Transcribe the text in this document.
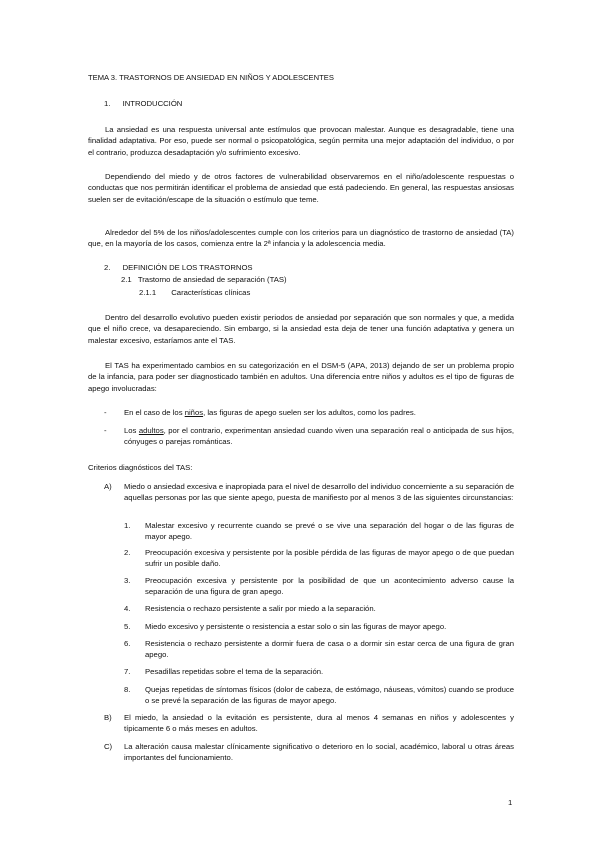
TEMA 3. TRASTORNOS DE ANSIEDAD EN NIÑOS Y ADOLESCENTES

1. INTRODUCCIÓN

La ansiedad es una respuesta universal ante estímulos que provocan malestar. Aunque es desagradable, tiene una finalidad adaptativa. Por eso, puede ser normal o psicopatológica, según permita una mejor adaptación del individuo, o por el contrario, produzca desadaptación y/o sufrimiento excesivo.

Dependiendo del miedo y de otros factores de vulnerabilidad observaremos en el niño/adolescente respuestas o conductas que nos permitirán identificar el problema de ansiedad que está padeciendo. En general, las respuestas ansiosas suelen ser de evitación/escape de la situación o estímulo que teme.

Alrededor del 5% de los niños/adolescentes cumple con los criterios para un diagnóstico de trastorno de ansiedad (TA) que, en la mayoría de los casos, comienza entre la 2ª infancia y la adolescencia media.

2. DEFINICIÓN DE LOS TRASTORNOS

2.1 Trastorno de ansiedad de separación (TAS)

2.1.1 Características clínicas

Dentro del desarrollo evolutivo pueden existir periodos de ansiedad por separación que son normales y que, a medida que el niño crece, va desapareciendo. Sin embargo, si la ansiedad esta deja de tener una función adaptativa y genera un malestar excesivo, estaríamos ante el TAS.

El TAS ha experimentado cambios en su categorización en el DSM-5 (APA, 2013) dejando de ser un problema propio de la infancia, para poder ser diagnosticado también en adultos. Una diferencia entre niños y adultos es el tipo de figuras de apego involucradas:

- En el caso de los niños, las figuras de apego suelen ser los adultos, como los padres.

- Los adultos, por el contrario, experimentan ansiedad cuando viven una separación real o anticipada de sus hijos, cónyuges o parejas románticas.

Criterios diagnósticos del TAS:

A) Miedo o ansiedad excesiva e inapropiada para el nivel de desarrollo del individuo concerniente a su separación de aquellas personas por las que siente apego, puesta de manifiesto por al menos 3 de las siguientes circunstancias:

1. Malestar excesivo y recurrente cuando se prevé o se vive una separación del hogar o de las figuras de mayor apego.

2. Preocupación excesiva y persistente por la posible pérdida de las figuras de mayor apego o de que puedan sufrir un posible daño.

3. Preocupación excesiva y persistente por la posibilidad de que un acontecimiento adverso cause la separación de una figura de gran apego.

4. Resistencia o rechazo persistente a salir por miedo a la separación.

5. Miedo excesivo y persistente o resistencia a estar solo o sin las figuras de mayor apego.

6. Resistencia o rechazo persistente a dormir fuera de casa o a dormir sin estar cerca de una figura de gran apego.

7. Pesadillas repetidas sobre el tema de la separación.

8. Quejas repetidas de síntomas físicos (dolor de cabeza, de estómago, náuseas, vómitos) cuando se produce o se prevé la separación de las figuras de mayor apego.

B) El miedo, la ansiedad o la evitación es persistente, dura al menos 4 semanas en niños y adolescentes y típicamente 6 o más meses en adultos.

C) La alteración causa malestar clínicamente significativo o deterioro en lo social, académico, laboral u otras áreas importantes del funcionamiento.

1
